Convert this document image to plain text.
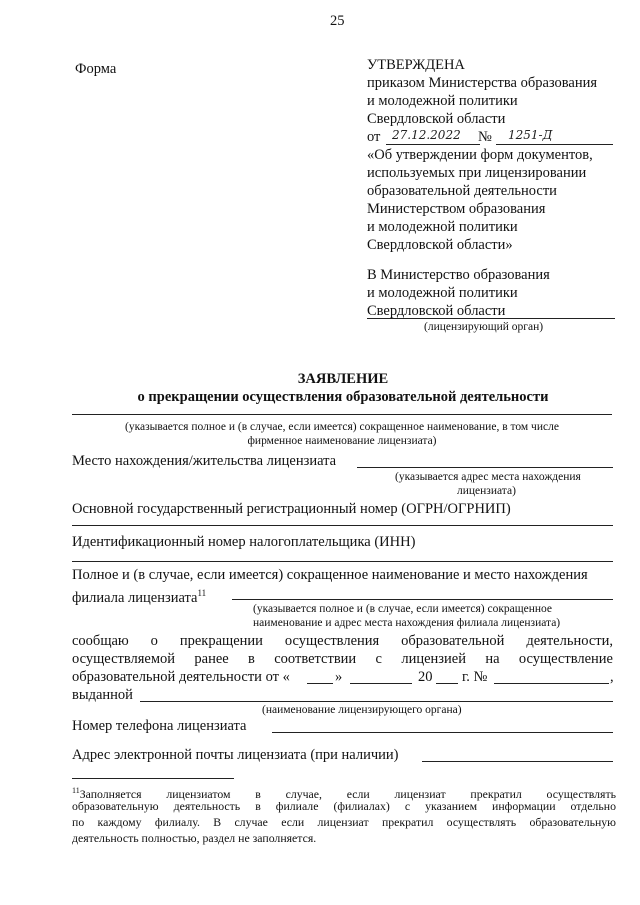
25
Форма	УТВЕРЖДЕНА
приказом Министерства образования
и молодежной политики
Свердловской области
от 27.12.2022 № 1251-Д
«Об утверждении форм документов,
используемых при лицензировании
образовательной деятельности
Министерством образования
и молодежной политики
Свердловской области»
В Министерство образования
и молодежной политики
Свердловской области
(лицензирующий орган)
ЗАЯВЛЕНИЕ
о прекращении осуществления образовательной деятельности
(указывается полное и (в случае, если имеется) сокращенное наименование, в том числе
фирменное наименование лицензиата)
Место нахождения/жительства лицензиата
(указывается адрес места нахождения
лицензиата)
Основной государственный регистрационный номер (ОГРН/ОГРНИП)
Идентификационный номер налогоплательщика (ИНН)
Полное и (в случае, если имеется) сокращенное наименование и место нахождения
филиала лицензиата$^{11}$
(указывается полное и (в случае, если имеется) сокращенное
наименование и адрес места нахождения филиала лицензиата)
сообщаю о прекращении осуществления образовательной деятельности,
осуществляемой ранее в соответствии с лицензией на осуществление
образовательной деятельности от «	»	20 г. №	,
выданной
(наименование лицензирующего органа)
Номер телефона лицензиата
Адрес электронной почты лицензиата (при наличии)
$^{11}$Заполняется лицензиатом в случае, если лицензиат прекратил осуществлять
образовательную деятельность в филиале (филиалах) с указанием информации отдельно
по каждому филиалу. В случае если лицензиат прекратил осуществлять образовательную
деятельность полностью, раздел не заполняется.
